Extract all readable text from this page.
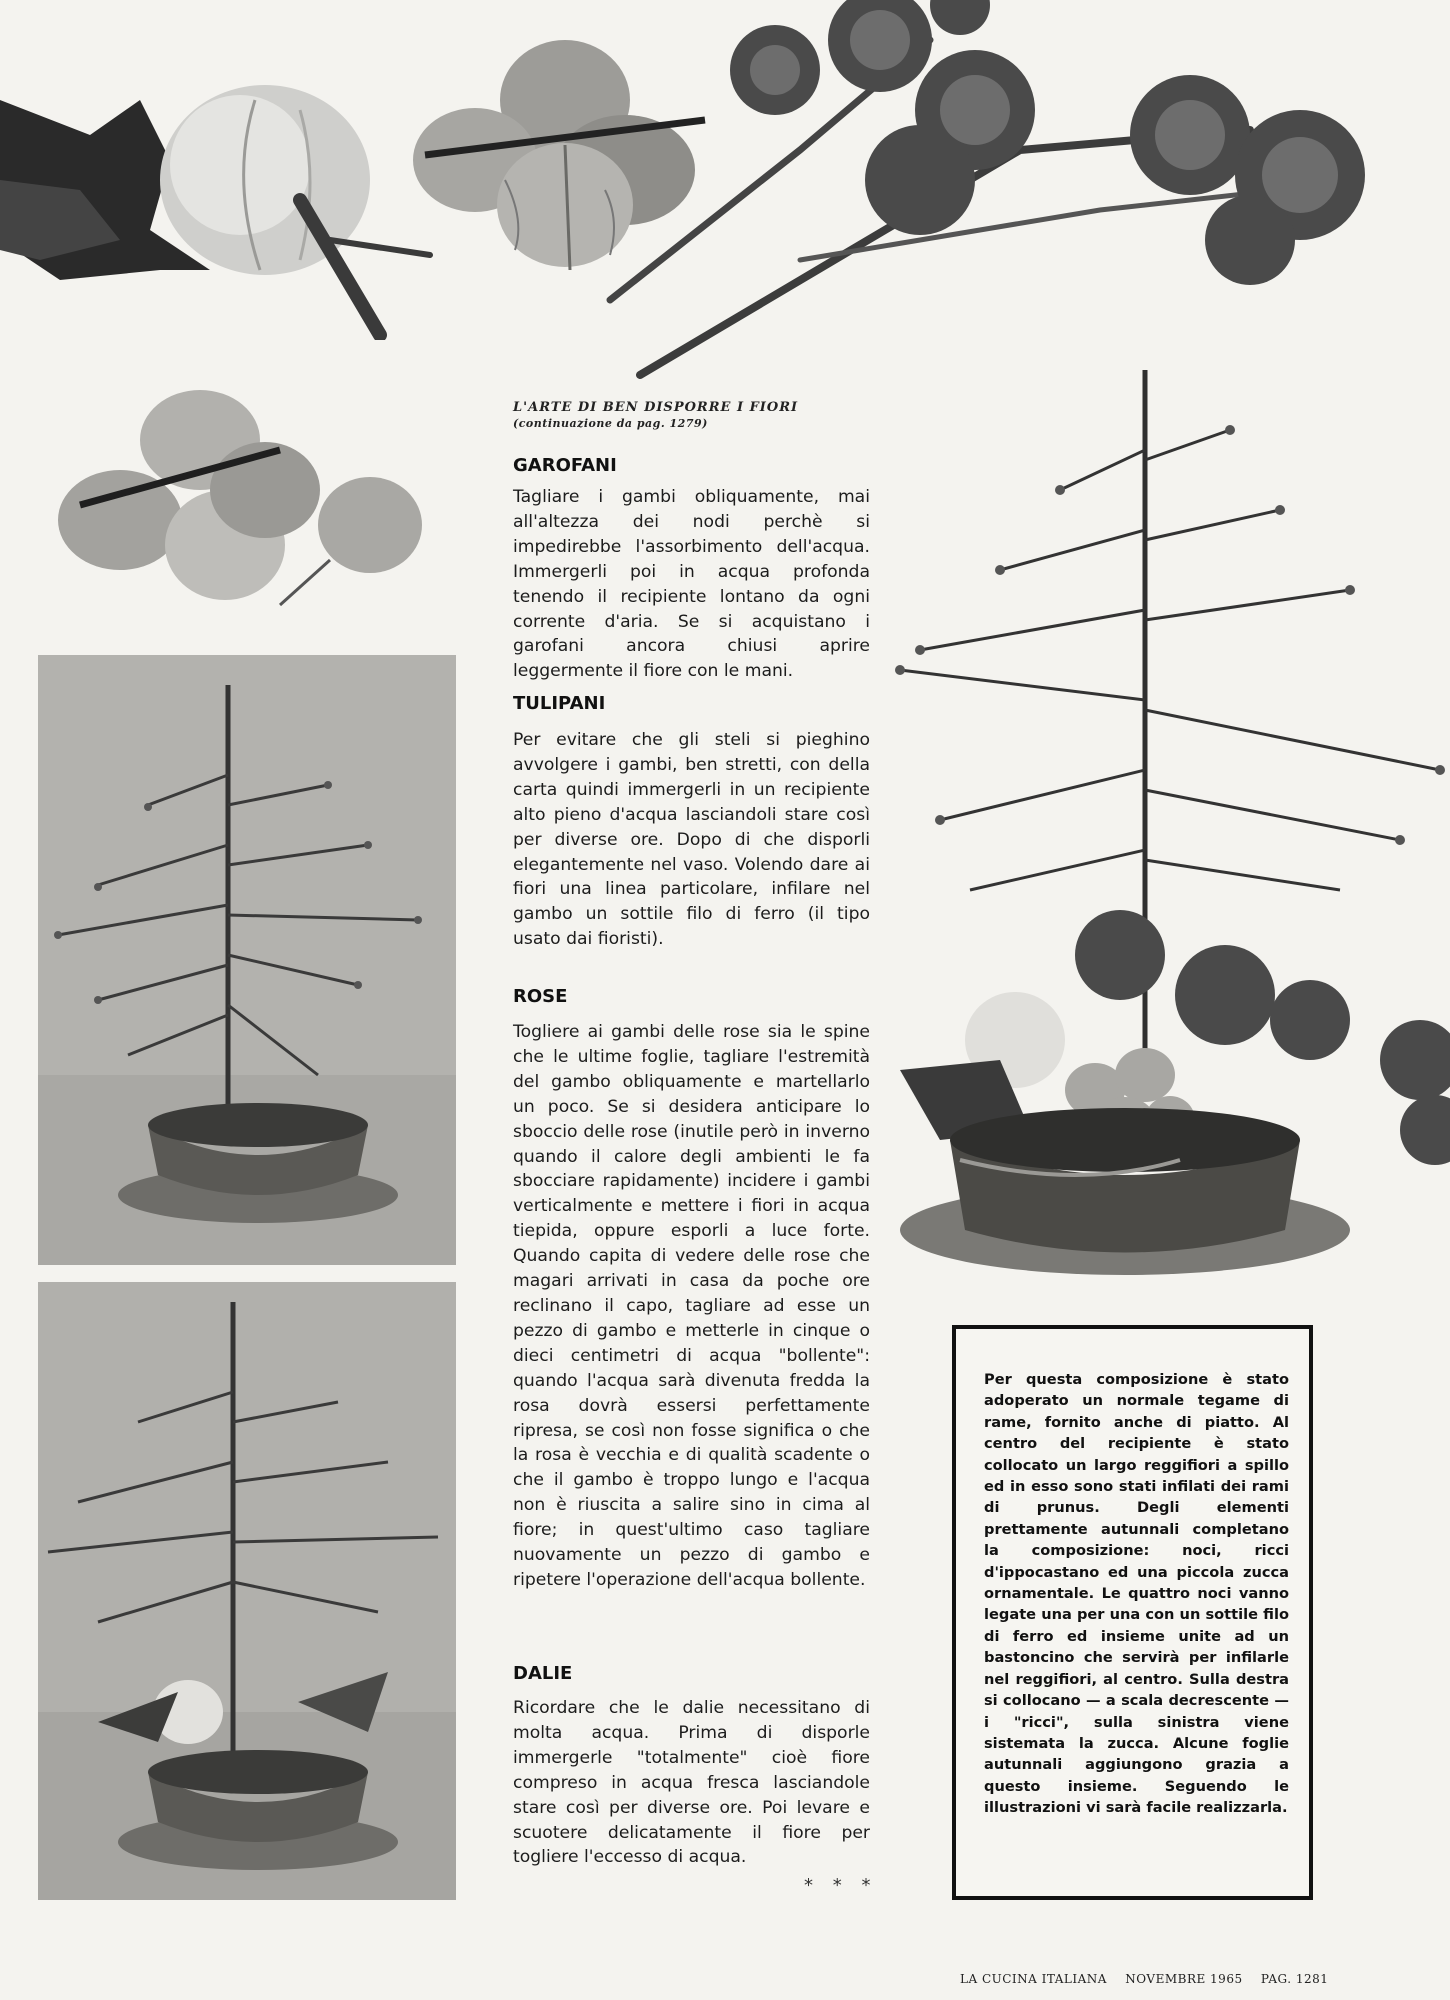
L'ARTE DI BEN DISPORRE I FIORI
(continuazione da pag. 1279)
GAROFANI

Tagliare i gambi obliquamente, mai all'altezza dei nodi perchè si impedirebbe l'assorbimento dell'acqua. Immergerli poi in acqua profonda tenendo il recipiente lontano da ogni corrente d'aria. Se si acquistano i garofani ancora chiusi aprire leggermente il fiore con le mani.

TULIPANI

Per evitare che gli steli si pieghino avvolgere i gambi, ben stretti, con della carta quindi immergerli in un recipiente alto pieno d'acqua lasciandoli stare così per diverse ore. Dopo di che disporli elegantemente nel vaso. Volendo dare ai fiori una linea particolare, infilare nel gambo un sottile filo di ferro (il tipo usato dai fioristi).

ROSE

Togliere ai gambi delle rose sia le spine che le ultime foglie, tagliare l'estremità del gambo obliquamente e martellarlo un poco. Se si desidera anticipare lo sboccio delle rose (inutile però in inverno quando il calore degli ambienti le fa sbocciare rapidamente) incidere i gambi verticalmente e mettere i fiori in acqua tiepida, oppure esporli a luce forte. Quando capita di vedere delle rose che magari arrivati in casa da poche ore reclinano il capo, tagliare ad esse un pezzo di gambo e metterle in cinque o dieci centimetri di acqua "bollente": quando l'acqua sarà divenuta fredda la rosa dovrà essersi perfettamente ripresa, se così non fosse significa o che la rosa è vecchia e di qualità scadente o che il gambo è troppo lungo e l'acqua non è riuscita a salire sino in cima al fiore; in quest'ultimo caso tagliare nuovamente un pezzo di gambo e ripetere l'operazione dell'acqua bollente.

DALIE

Ricordare che le dalie necessitano di molta acqua. Prima di disporle immergerle "totalmente" cioè fiore compreso in acqua fresca lasciandole stare così per diverse ore. Poi levare e scuotere delicatamente il fiore per togliere l'eccesso di acqua.

* * *
Per questa composizione è stato adoperato un normale tegame di rame, fornito anche di piatto. Al centro del recipiente è stato collocato un largo reggifiori a spillo ed in esso sono stati infilati dei rami di prunus. Degli elementi prettamente autunnali completano la composizione: noci, ricci d'ippocastano ed una piccola zucca ornamentale. Le quattro noci vanno legate una per una con un sottile filo di ferro ed insieme unite ad un bastoncino che servirà per infilarle nel reggifiori, al centro. Sulla destra si collocano — a scala decrescente — i "ricci", sulla sinistra viene sistemata la zucca. Alcune foglie autunnali aggiungono grazia a questo insieme. Seguendo le illustrazioni vi sarà facile realizzarla.
LA CUCINA ITALIANA NOVEMBRE 1965 PAG. 1281
